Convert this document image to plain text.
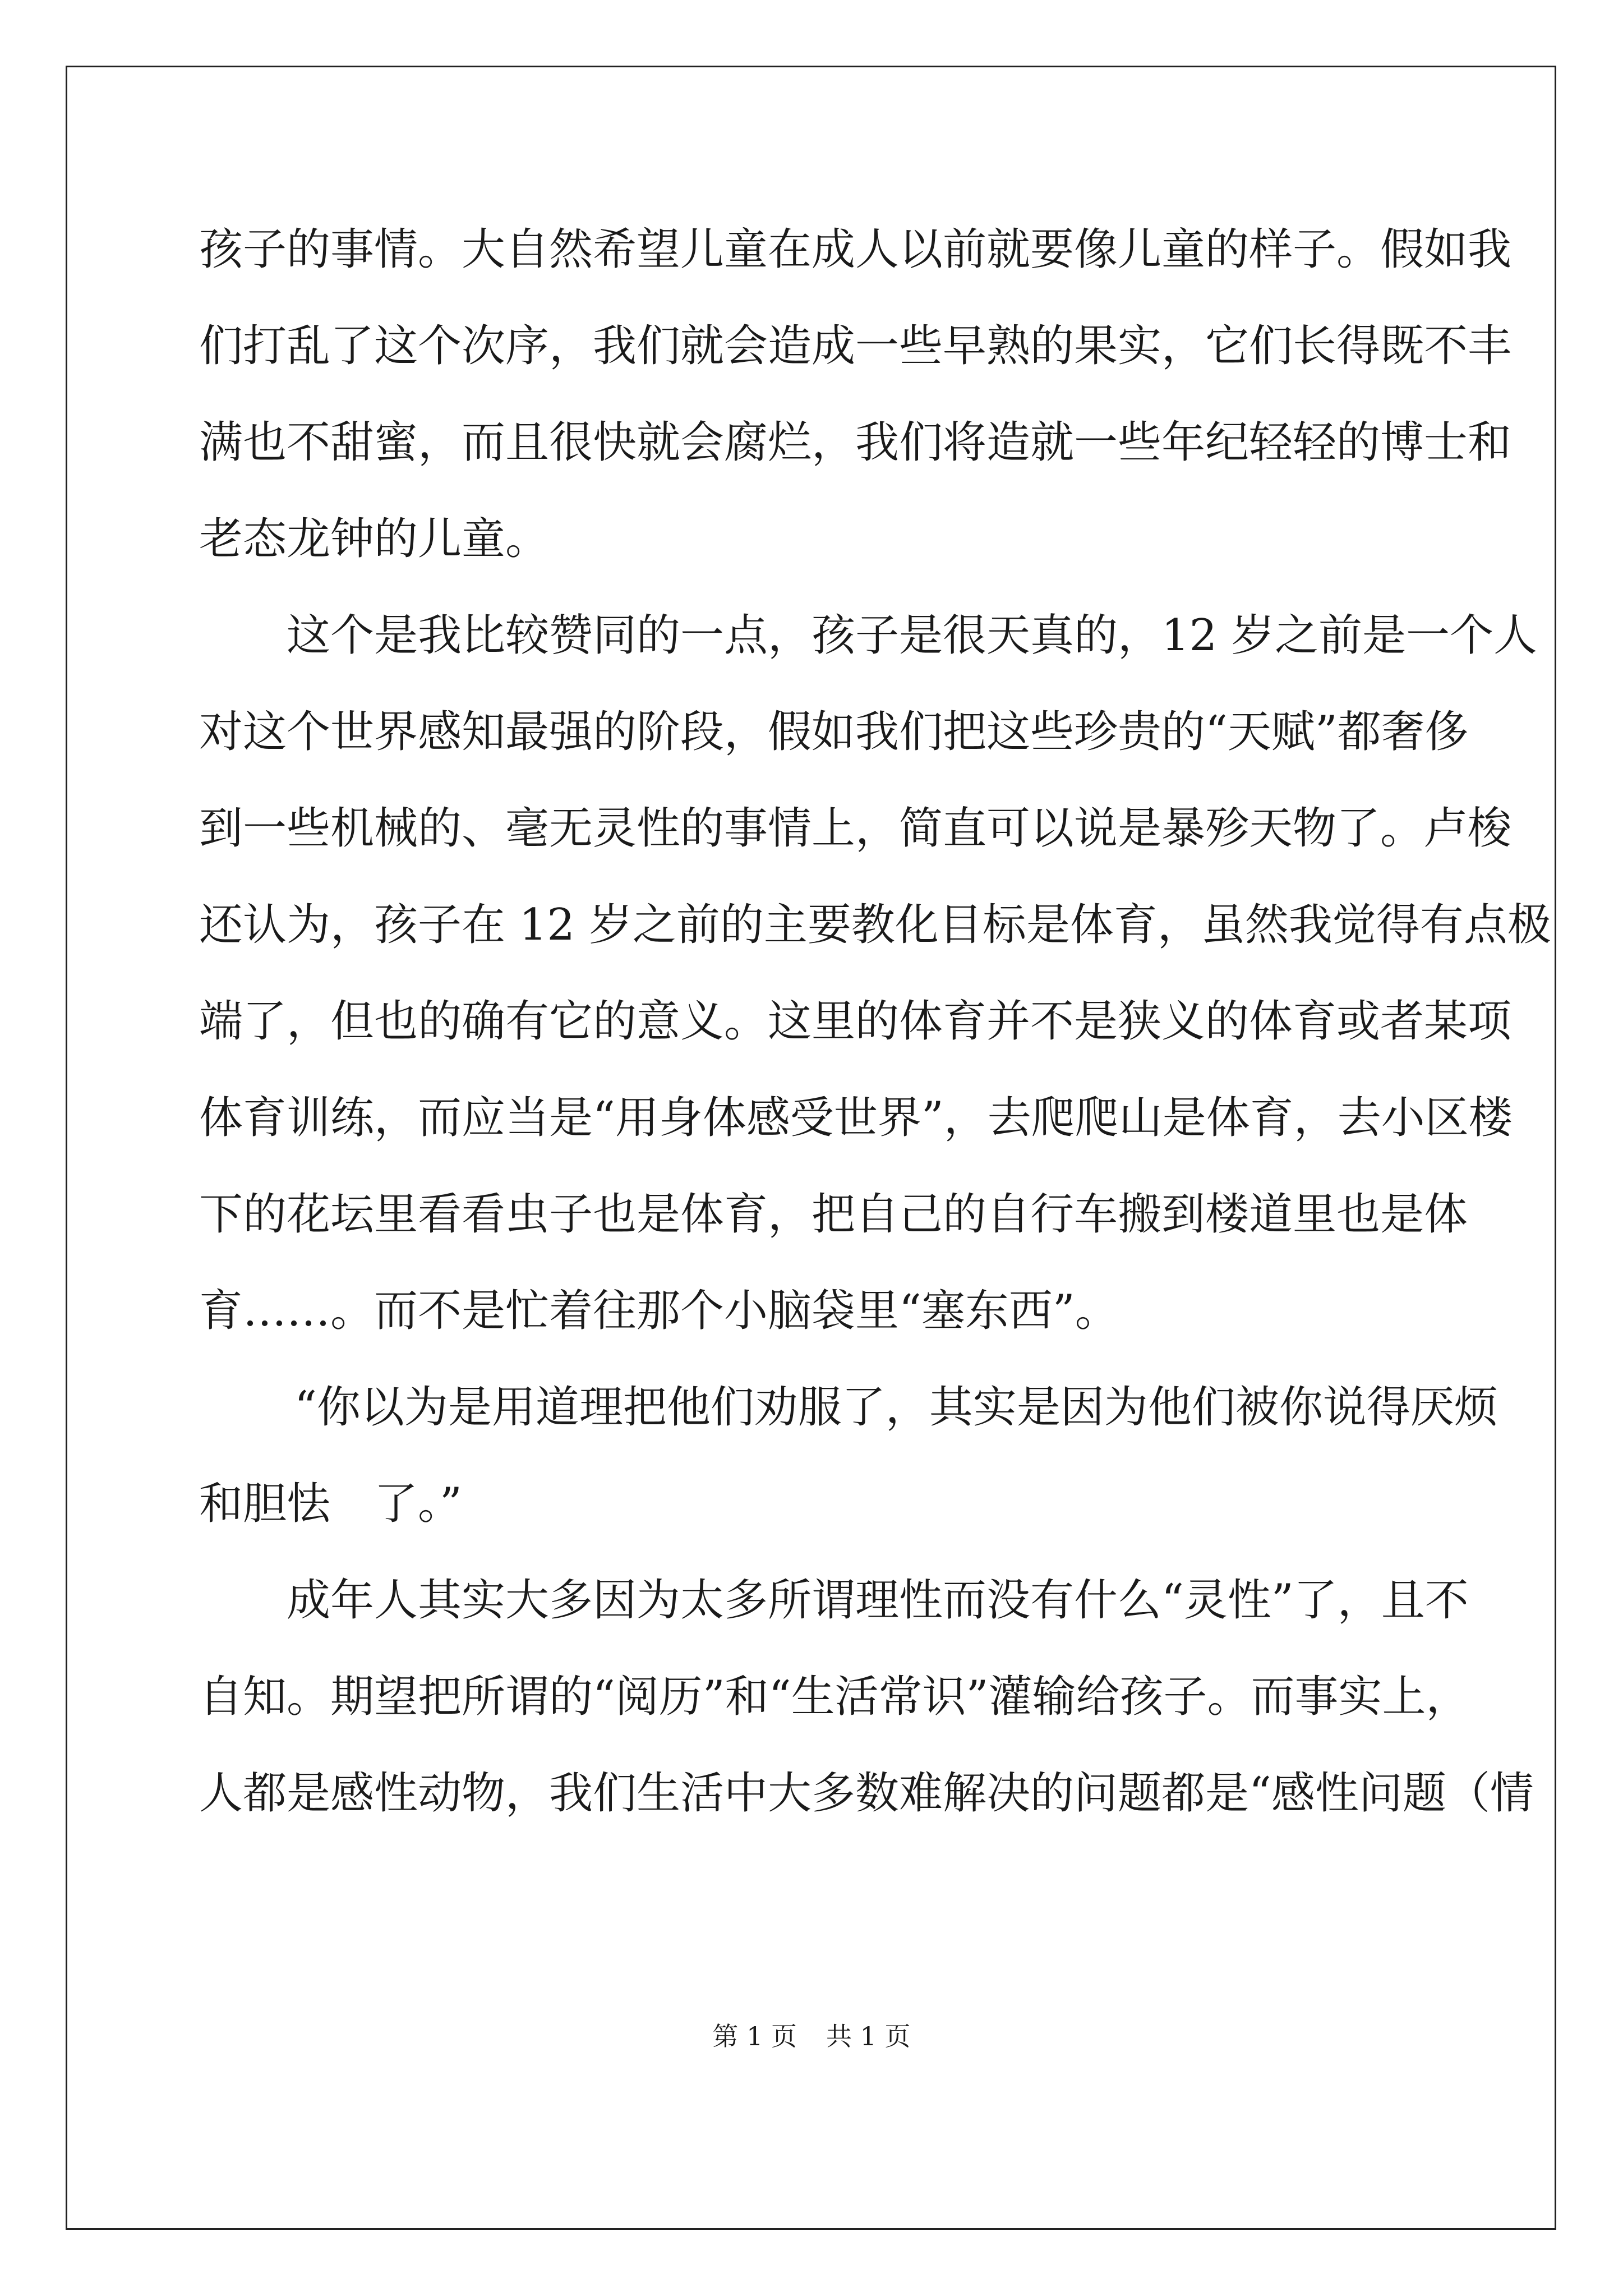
孩子的事情。大自然希望儿童在成人以前就要像儿童的样子。假如我
们打乱了这个次序，我们就会造成一些早熟的果实，它们长得既不丰
满也不甜蜜，而且很快就会腐烂，我们将造就一些年纪轻轻的博士和
老态龙钟的儿童。
这个是我比较赞同的一点，孩子是很天真的，12 岁之前是一个人
对这个世界感知最强的阶段，假如我们把这些珍贵的“天赋”都奢侈
到一些机械的、毫无灵性的事情上，简直可以说是暴殄天物了。卢梭
还认为，孩子在 12 岁之前的主要教化目标是体育，虽然我觉得有点极
端了，但也的确有它的意义。这里的体育并不是狭义的体育或者某项
体育训练，而应当是“用身体感受世界”，去爬爬山是体育，去小区楼
下的花坛里看看虫子也是体育，把自己的自行车搬到楼道里也是体
育……。而不是忙着往那个小脑袋里“塞东西”。
“你以为是用道理把他们劝服了，其实是因为他们被你说得厌烦
和胆怯　了。”
成年人其实大多因为太多所谓理性而没有什么“灵性”了，且不
自知。期望把所谓的“阅历”和“生活常识”灌输给孩子。而事实上，
人都是感性动物，我们生活中大多数难解决的问题都是“感性问题（情
第 1 页 共 1 页
